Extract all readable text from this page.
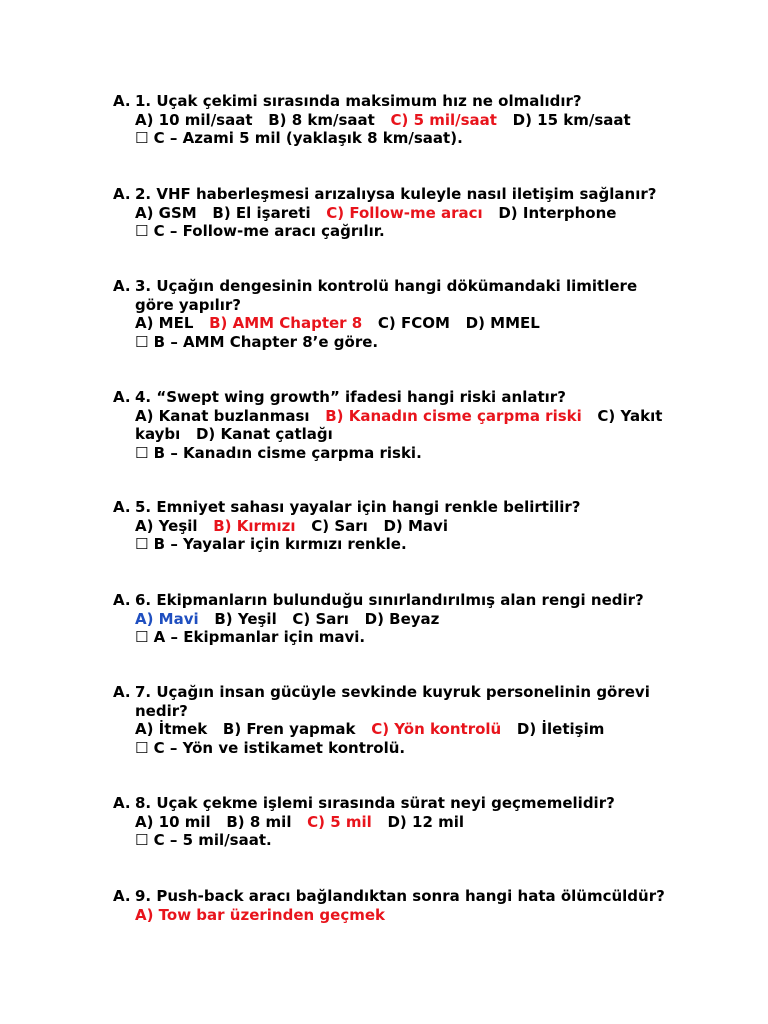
A. 1. Uçak çekimi sırasında maksimum hız ne olmalıdır?
A) 10 mil/saat B) 8 km/saat C) 5 mil/saat D) 15 km/saat
☐ C – Azami 5 mil (yaklaşık 8 km/saat).
A. 2. VHF haberleşmesi arızalıysa kuleyle nasıl iletişim sağlanır?
A) GSM B) El işareti C) Follow-me aracı D) Interphone
☐ C – Follow-me aracı çağrılır.
A. 3. Uçağın dengesinin kontrolü hangi dökümandaki limitlere
göre yapılır?
A) MEL B) AMM Chapter 8 C) FCOM D) MMEL
☐ B – AMM Chapter 8’e göre.
A. 4. “Swept wing growth” ifadesi hangi riski anlatır?
A) Kanat buzlanması B) Kanadın cisme çarpma riski C) Yakıt
kaybı D) Kanat çatlağı
☐ B – Kanadın cisme çarpma riski.
A. 5. Emniyet sahası yayalar için hangi renkle belirtilir?
A) Yeşil B) Kırmızı C) Sarı D) Mavi
☐ B – Yayalar için kırmızı renkle.
A. 6. Ekipmanların bulunduğu sınırlandırılmış alan rengi nedir?
A) Mavi B) Yeşil C) Sarı D) Beyaz
☐ A – Ekipmanlar için mavi.
A. 7. Uçağın insan gücüyle sevkinde kuyruk personelinin görevi
nedir?
A) İtmek B) Fren yapmak C) Yön kontrolü D) İletişim
☐ C – Yön ve istikamet kontrolü.
A. 8. Uçak çekme işlemi sırasında sürat neyi geçmemelidir?
A) 10 mil B) 8 mil C) 5 mil D) 12 mil
☐ C – 5 mil/saat.
A. 9. Push-back aracı bağlandıktan sonra hangi hata ölümcüldür?
A) Tow bar üzerinden geçmek
